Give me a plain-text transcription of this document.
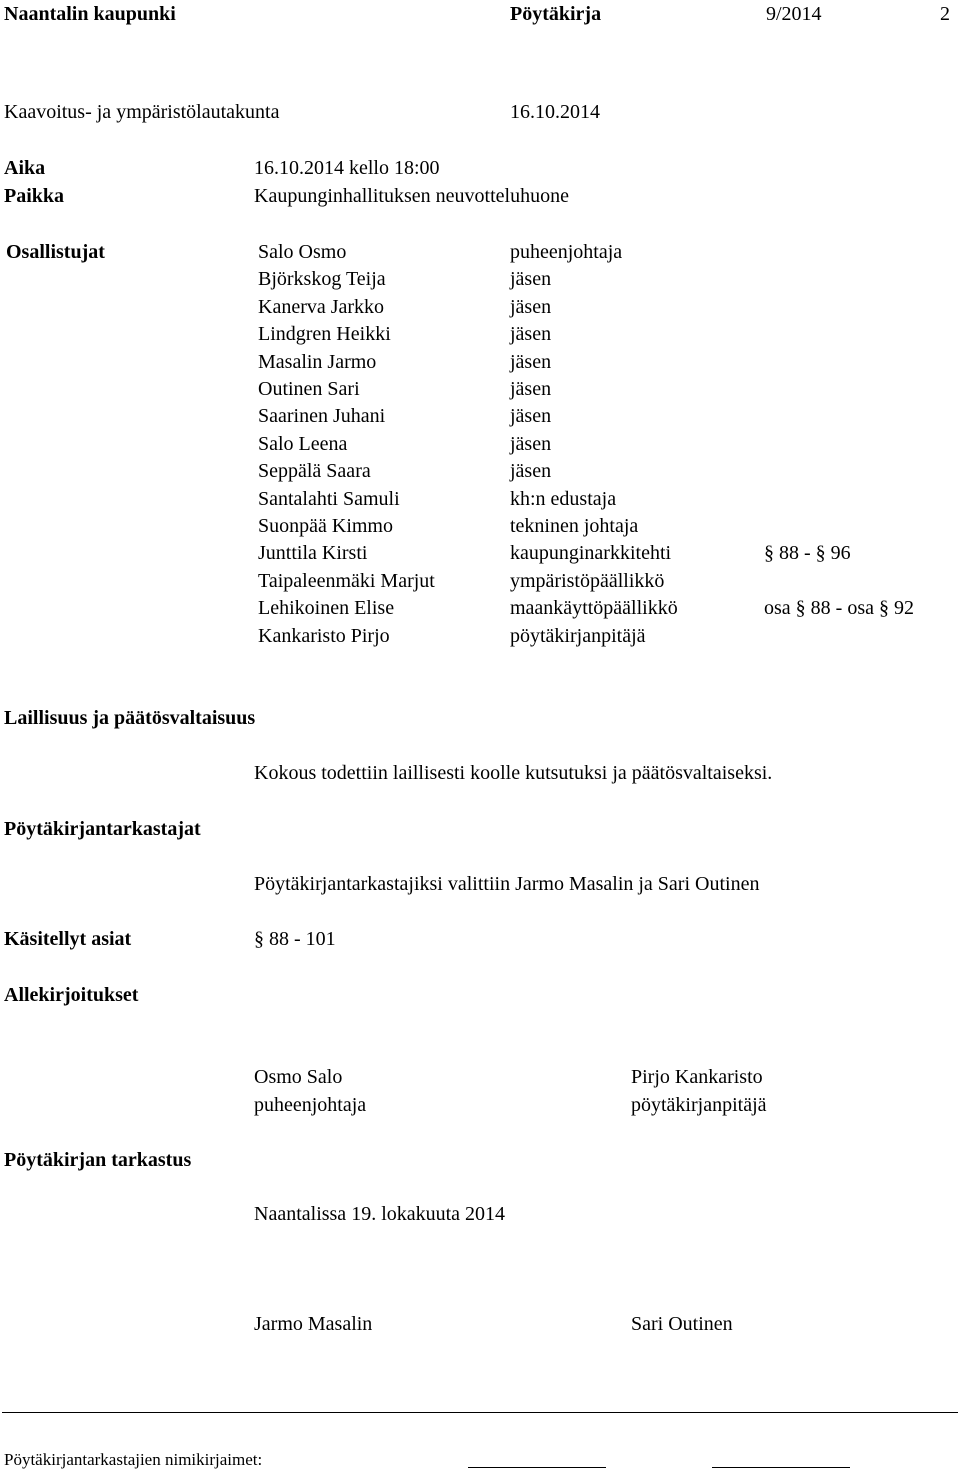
Naantalin kaupunki	Pöytäkirja	9/2014	2
Kaavoitus- ja ympäristölautakunta	16.10.2014
Aika	16.10.2014 kello 18:00
Paikka	Kaupunginhallituksen neuvotteluhuone
Osallistujat	Salo Osmo	puheenjohtaja
Björkskog Teija	jäsen
Kanerva Jarkko	jäsen
Lindgren Heikki	jäsen
Masalin Jarmo	jäsen
Outinen Sari	jäsen
Saarinen Juhani	jäsen
Salo Leena	jäsen
Seppälä Saara	jäsen
Santalahti Samuli	kh:n edustaja
Suonpää Kimmo	tekninen johtaja
Junttila Kirsti	kaupunginarkkitehti	§ 88 - § 96
Taipaleenmäki Marjut	ympäristöpäällikkö
Lehikoinen Elise	maankäyttöpäällikkö	osa § 88 - osa § 92
Kankaristo Pirjo	pöytäkirjanpitäjä
Laillisuus ja päätösvaltaisuus
Kokous todettiin laillisesti koolle kutsutuksi ja päätösvaltaiseksi.
Pöytäkirjantarkastajat
Pöytäkirjantarkastajiksi valittiin Jarmo Masalin ja Sari Outinen
Käsitellyt asiat	§ 88 - 101
Allekirjoitukset
Osmo Salo
puheenjohtaja
Pirjo Kankaristo
pöytäkirjanpitäjä
Pöytäkirjan tarkastus
Naantalissa 19. lokakuuta 2014
Jarmo Masalin	Sari Outinen
Pöytäkirjantarkastajien nimikirjaimet:
